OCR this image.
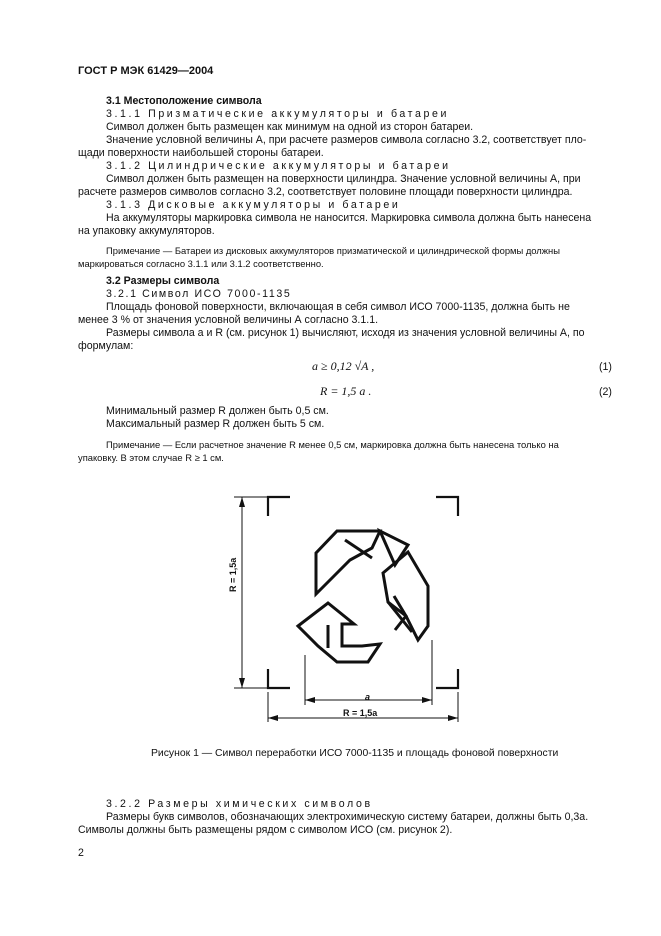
ГОСТ Р МЭК 61429—2004
3.1 Местоположение символа
3.1.1 Призматические аккумуляторы и батареи
Символ должен быть размещен как минимум на одной из сторон батареи.
Значение условной величины А, при расчете размеров символа согласно 3.2, соответствует пло-
щади поверхности наибольшей стороны батареи.
3.1.2 Цилиндрические аккумуляторы и батареи
Символ должен быть размещен на поверхности цилиндра. Значение условной величины А, при
расчете размеров символов согласно 3.2, соответствует половине площади поверхности цилиндра.
3.1.3 Дисковые аккумуляторы и батареи
На аккумуляторы маркировка символа не наносится. Маркировка символа должна быть нанесена
на упаковку аккумуляторов.
Примечание — Батареи из дисковых аккумуляторов призматической и цилиндрической формы должны
маркироваться согласно 3.1.1 или 3.1.2 соответственно.
3.2 Размеры символа
3.2.1 Символ ИСО 7000-1135
Площадь фоновой поверхности, включающая в себя символ ИСО 7000-1135, должна быть не
менее 3 % от значения условной величины А согласно 3.1.1.
Размеры символа а и R (см. рисунок 1) вычисляют, исходя из значения условной величины А, по
формулам:
a ≥ 0,12 √A ,	(1)
R = 1,5 a .	(2)
Минимальный размер R должен быть 0,5 см.
Максимальный размер R должен быть 5 см.
Примечание — Если расчетное значение R менее 0,5 см, маркировка должна быть нанесена только на
упаковку. В этом случае R ≥ 1 см.
R = 1,5a
a
R = 1,5a
Рисунок 1 — Символ переработки ИСО 7000-1135 и площадь фоновой поверхности
3.2.2 Размеры химических символов
Размеры букв символов, обозначающих электрохимическую систему батареи, должны быть 0,3а.
Символы должны быть размещены рядом с символом ИСО (см. рисунок 2).
2
